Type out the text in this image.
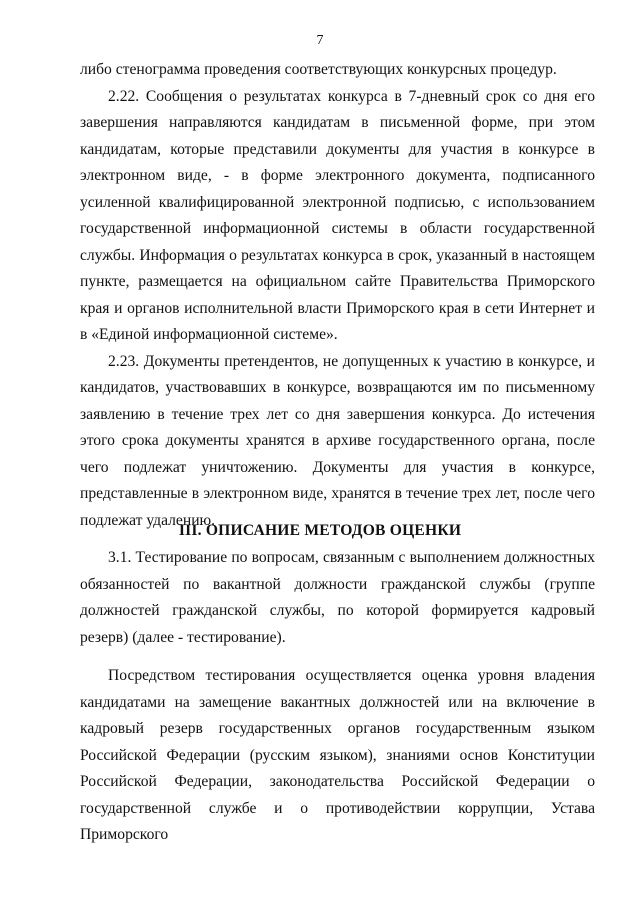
7

либо стенограмма проведения соответствующих конкурсных процедур.

2.22. Сообщения о результатах конкурса в 7-дневный срок со дня его завершения направляются кандидатам в письменной форме, при этом кандидатам, которые представили документы для участия в конкурсе в электронном виде, - в форме электронного документа, подписанного усиленной квалифицированной электронной подписью, с использованием государственной информационной системы в области государственной службы. Информация о результатах конкурса в срок, указанный в настоящем пункте, размещается на официальном сайте Правительства Приморского края и органов исполнительной власти Приморского края в сети Интернет и в «Единой информационной системе».

2.23. Документы претендентов, не допущенных к участию в конкурсе, и кандидатов, участвовавших в конкурсе, возвращаются им по письменному заявлению в течение трех лет со дня завершения конкурса. До истечения этого срока документы хранятся в архиве государственного органа, после чего подлежат уничтожению. Документы для участия в конкурсе, представленные в электронном виде, хранятся в течение трех лет, после чего подлежат удалению.

III. ОПИСАНИЕ МЕТОДОВ ОЦЕНКИ

3.1. Тестирование по вопросам, связанным с выполнением должностных обязанностей по вакантной должности гражданской службы (группе должностей гражданской службы, по которой формируется кадровый резерв) (далее - тестирование).

Посредством тестирования осуществляется оценка уровня владения кандидатами на замещение вакантных должностей или на включение в кадровый резерв государственных органов государственным языком Российской Федерации (русским языком), знаниями основ Конституции Российской Федерации, законодательства Российской Федерации о государственной службе и о противодействии коррупции, Устава Приморского
